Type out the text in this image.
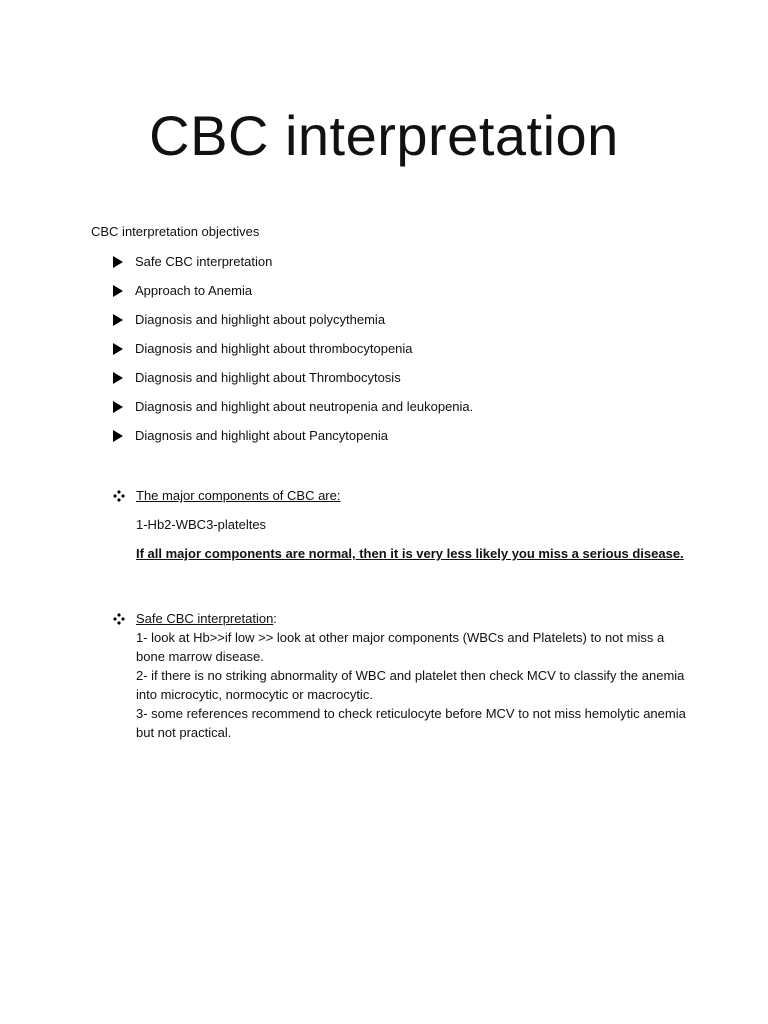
CBC interpretation

CBC interpretation objectives

Safe CBC interpretation
Approach to Anemia
Diagnosis and highlight about polycythemia
Diagnosis and highlight about thrombocytopenia
Diagnosis and highlight about Thrombocytosis
Diagnosis and highlight about neutropenia and leukopenia.
Diagnosis and highlight about Pancytopenia

The major components of CBC are:

1-Hb2-WBC3-plateltes

If all major components are normal, then it is very less likely you miss a serious disease.

Safe CBC interpretation:

1- look at Hb>>if low >> look at other major components (WBCs and Platelets) to not miss a

bone marrow disease.

2- if there is no striking abnormality of WBC and platelet then check MCV to classify the anemia

into microcytic, normocytic or macrocytic.

3- some references recommend to check reticulocyte before MCV to not miss hemolytic anemia

but not practical.
